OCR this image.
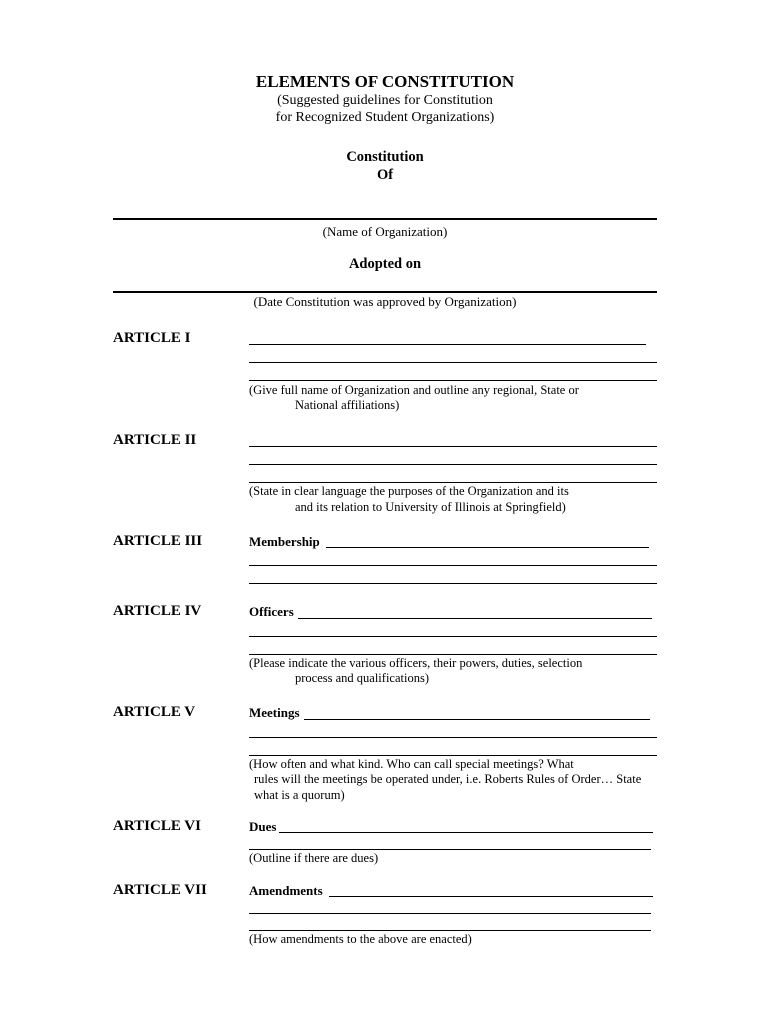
ELEMENTS OF CONSTITUTION
(Suggested guidelines for Constitution
for Recognized Student Organizations)
Constitution
Of
(Name of Organization)
Adopted on
(Date Constitution was approved by Organization)
ARTICLE I
(Give full name of Organization and outline any regional, State or
National affiliations)
ARTICLE II
(State in clear language the purposes of the Organization and its
and its relation to University of Illinois at Springfield)
ARTICLE III	Membership
ARTICLE IV	Officers
(Please indicate the various officers, their powers, duties, selection
process and qualifications)
ARTICLE V	Meetings
(How often and what kind. Who can call special meetings? What
rules will the meetings be operated under, i.e. Roberts Rules of Order… State
what is a quorum)
ARTICLE VI	Dues
(Outline if there are dues)
ARTICLE VII	Amendments
(How amendments to the above are enacted)
